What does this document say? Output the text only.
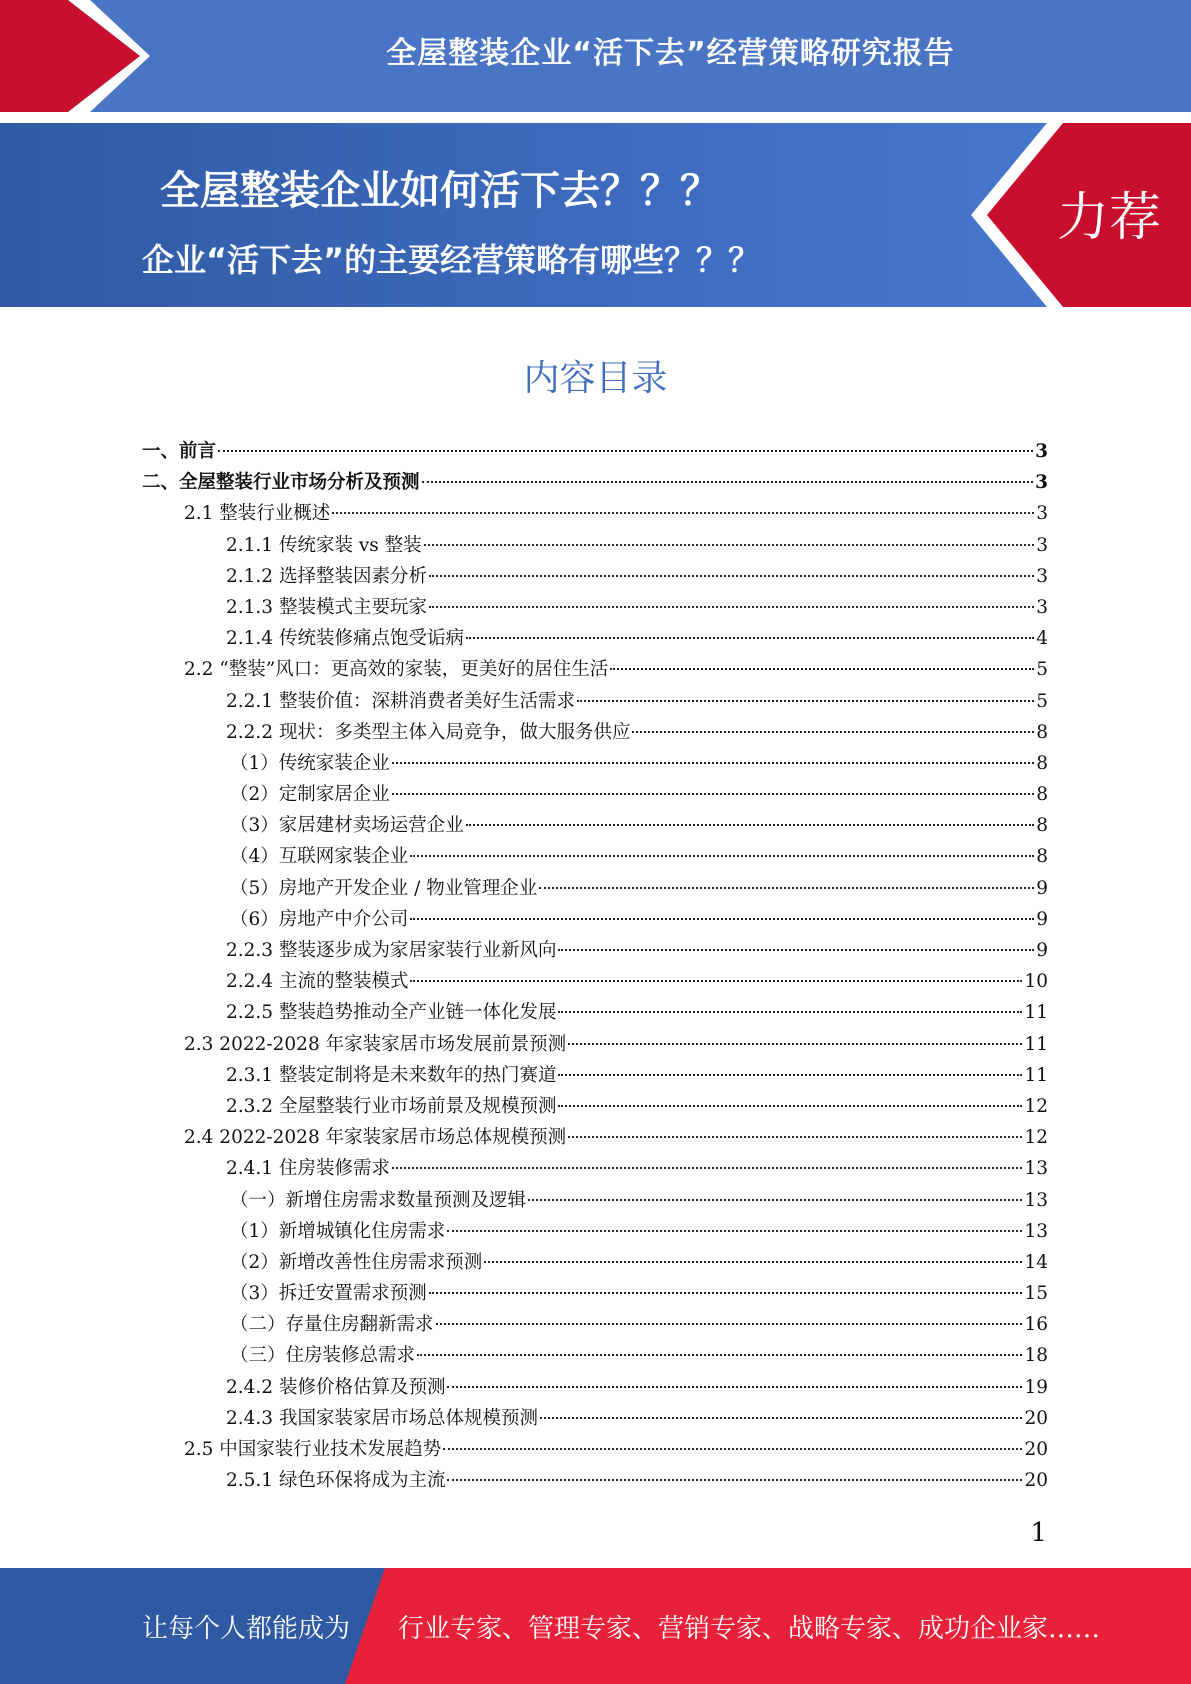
全屋整装企业“活下去”经营策略研究报告
全屋整装企业如何活下去？？？
企业“活下去”的主要经营策略有哪些？？？
力荐
内容目录
一、前言	3
二、全屋整装行业市场分析及预测	3
2.1 整装行业概述	3
2.1.1 传统家装 vs 整装	3
2.1.2 选择整装因素分析	3
2.1.3 整装模式主要玩家	3
2.1.4 传统装修痛点饱受诟病	4
2.2 “整装”风口：更高效的家装，更美好的居住生活	5
2.2.1 整装价值：深耕消费者美好生活需求	5
2.2.2 现状：多类型主体入局竞争，做大服务供应	8
（1）传统家装企业	8
（2）定制家居企业	8
（3）家居建材卖场运营企业	8
（4）互联网家装企业	8
（5）房地产开发企业 / 物业管理企业	9
（6）房地产中介公司	9
2.2.3 整装逐步成为家居家装行业新风向	9
2.2.4 主流的整装模式	10
2.2.5 整装趋势推动全产业链一体化发展	11
2.3 2022-2028 年家装家居市场发展前景预测	11
2.3.1 整装定制将是未来数年的热门赛道	11
2.3.2 全屋整装行业市场前景及规模预测	12
2.4 2022-2028 年家装家居市场总体规模预测	12
2.4.1 住房装修需求	13
（一）新增住房需求数量预测及逻辑	13
（1）新增城镇化住房需求	13
（2）新增改善性住房需求预测	14
（3）拆迁安置需求预测	15
（二）存量住房翻新需求	16
（三）住房装修总需求	18
2.4.2 装修价格估算及预测	19
2.4.3 我国家装家居市场总体规模预测	20
2.5 中国家装行业技术发展趋势	20
2.5.1 绿色环保将成为主流	20
1
让每个人都能成为 行业专家、管理专家、营销专家、战略专家、成功企业家……
